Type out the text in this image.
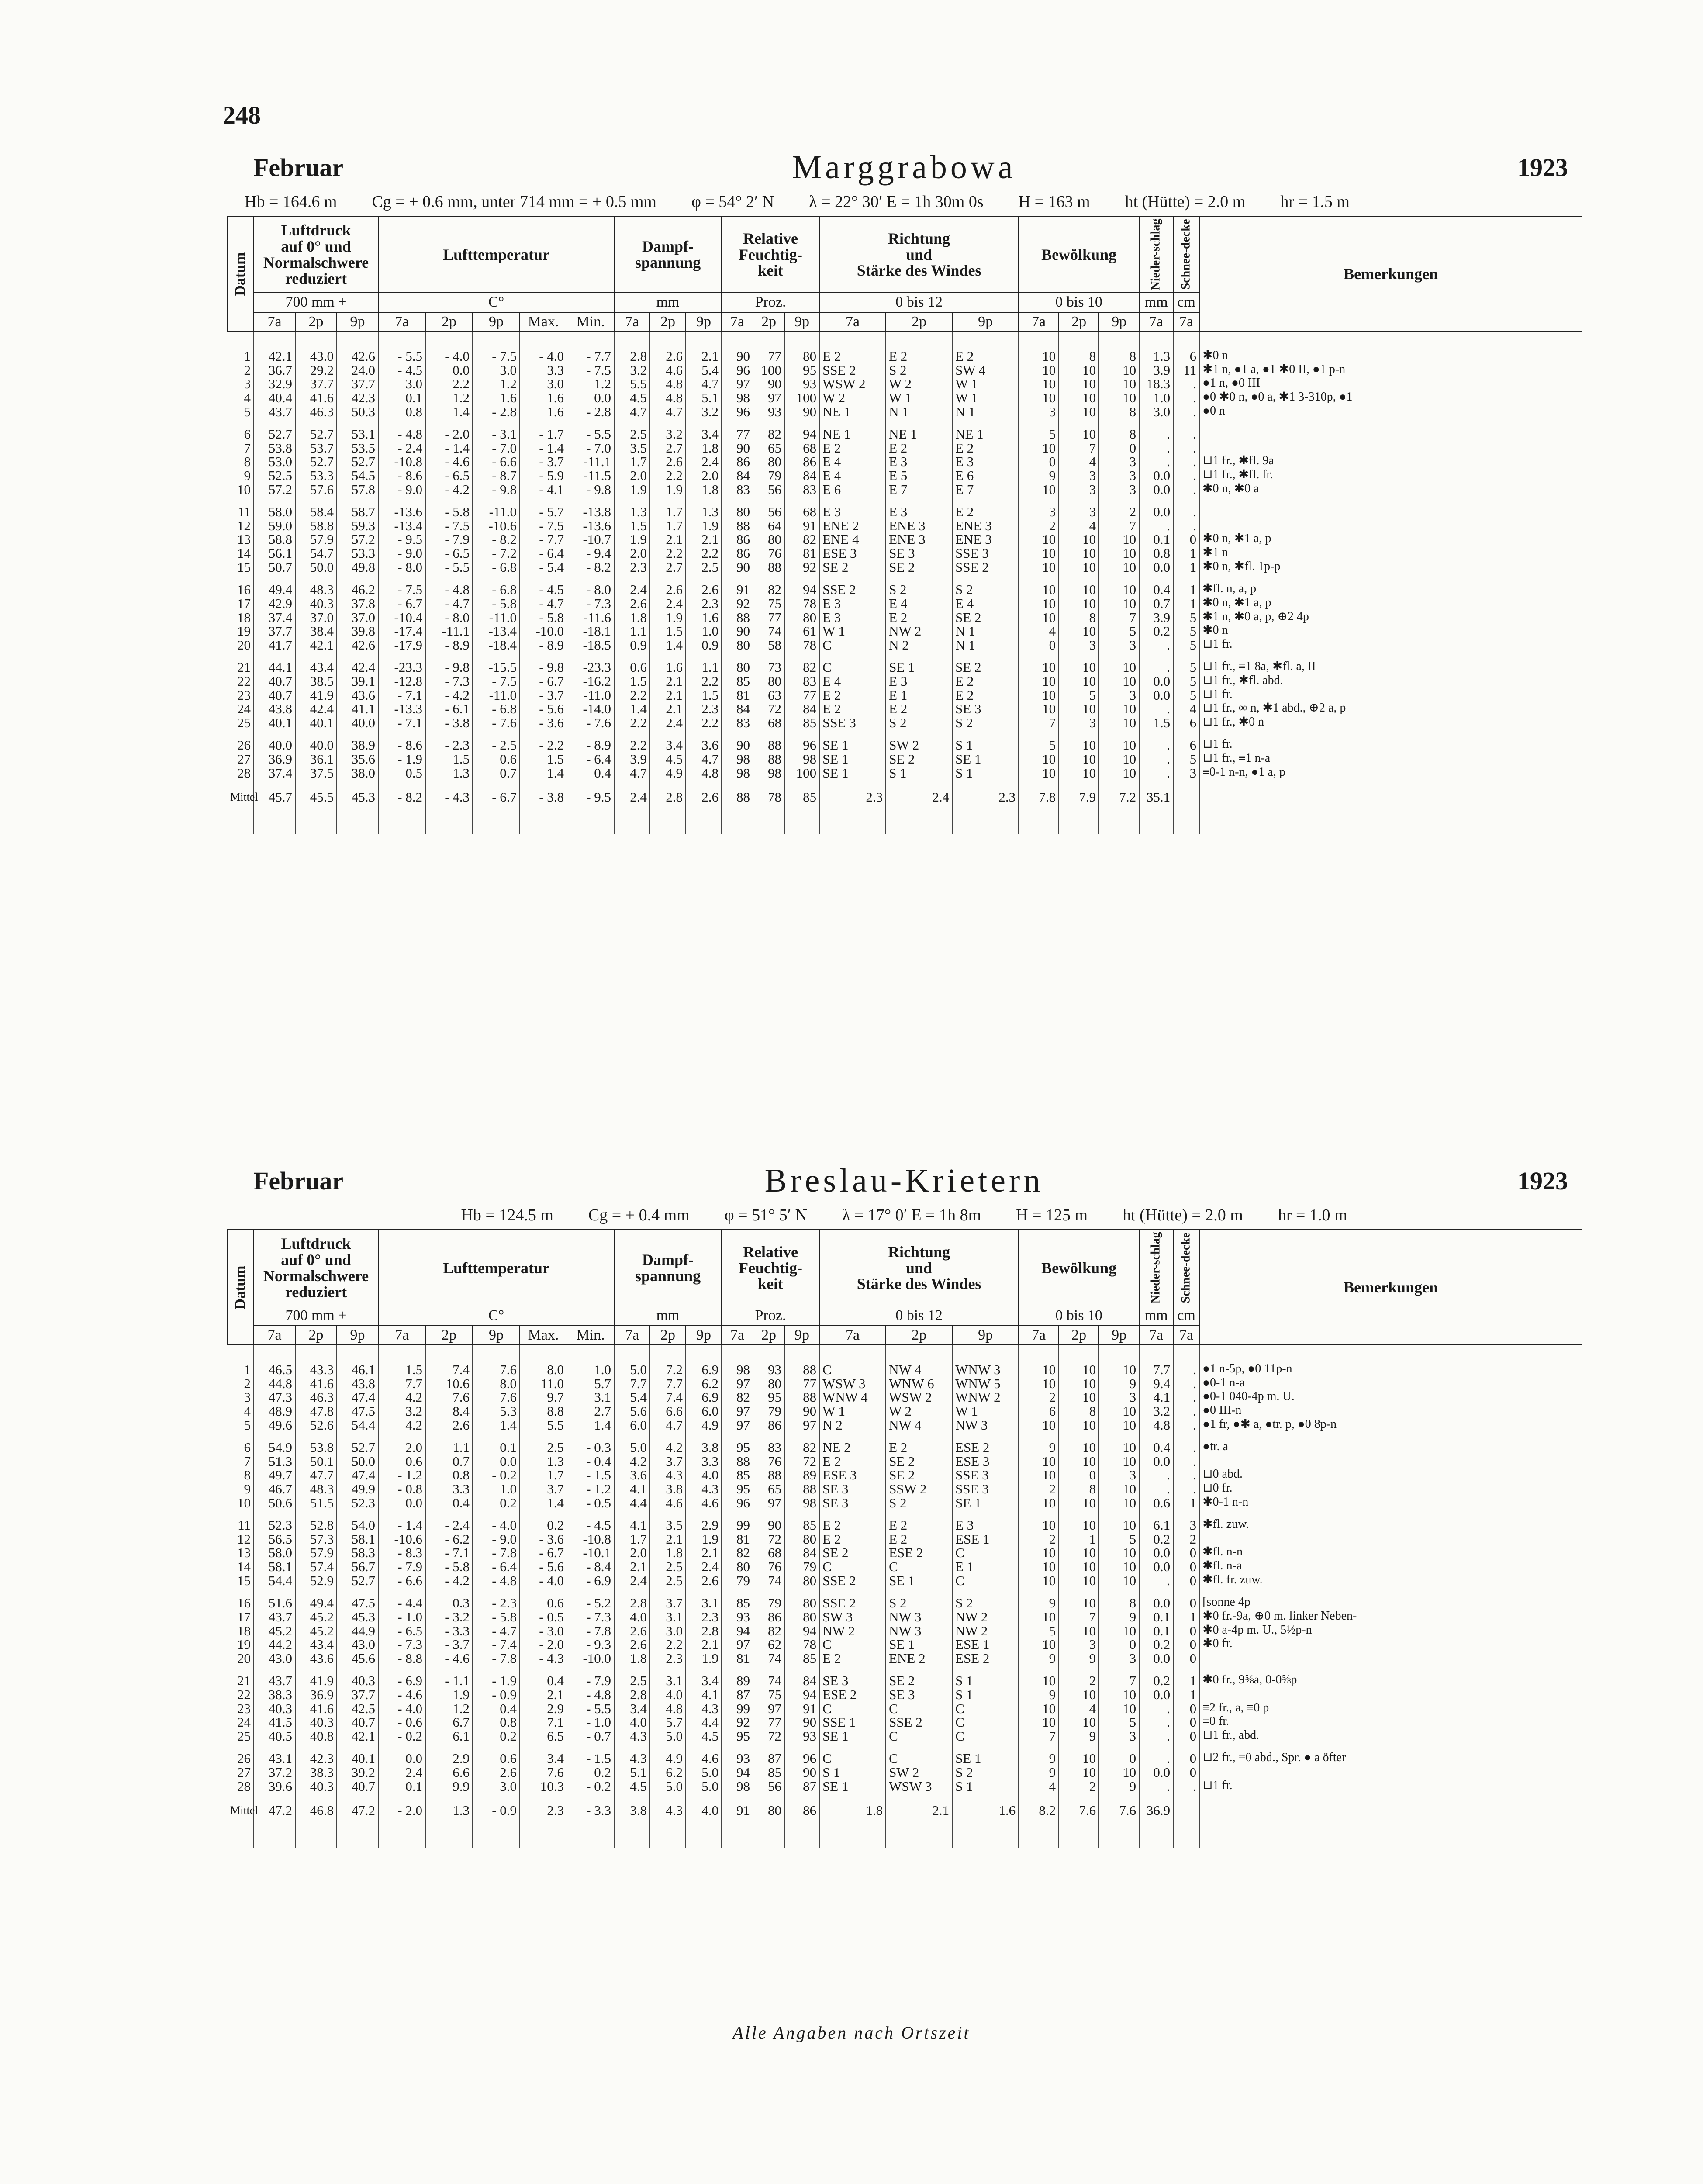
248
Februar	Marggrabowa	1923
Hb = 164.6 m Cg = + 0.6 mm, unter 714 mm = + 0.5 mm φ = 54° 2′ N λ = 22° 30′ E = 1h 30m 0s H = 163 m ht (Hütte) = 2.0 m hr = 1.5 m
Datum	Luftdruck
auf 0° und
Normalschwere
reduziert			Lufttemperatur					Dampf-
spannung			Relative
Feuchtig-
keit			Richtung
und
Stärke des Windes			Bewölkung			Nieder-schlag	Schnee-decke	Bemerkungen
	700 mm +			C°					mm			Proz.			0 bis 12			0 bis 10			mm	cm	
	7a	2p	9p	7a	2p	9p	Max.	Min.	7a	2p	9p	7a	2p	9p	7a	2p	9p	7a	2p	9p	7a	7a	

1	42.1	43.0	42.6	- 5.5	- 4.0	- 7.5	- 4.0	- 7.7	2.8	2.6	2.1	90	77	80	E 2	E 2	E 2	10	8	8	1.3	6	✱0 n
2	36.7	29.2	24.0	- 4.5	0.0	3.0	3.3	- 7.5	3.2	4.6	5.4	96	100	95	SSE 2	S 2	SW 4	10	10	10	3.9	11	✱1 n, ●1 a, ●1 ✱0 II, ●1 p-n
3	32.9	37.7	37.7	3.0	2.2	1.2	3.0	1.2	5.5	4.8	4.7	97	90	93	WSW 2	W 2	W 1	10	10	10	18.3	.	●1 n, ●0 III
4	40.4	41.6	42.3	0.1	1.2	1.6	1.6	0.0	4.5	4.8	5.1	98	97	100	W 2	W 1	W 1	10	10	10	1.0	.	●0 ✱0 n, ●0 a, ✱1 3-310p, ●1
5	43.7	46.3	50.3	0.8	1.4	- 2.8	1.6	- 2.8	4.7	4.7	3.2	96	93	90	NE 1	N 1	N 1	3	10	8	3.0	.	●0 n

6	52.7	52.7	53.1	- 4.8	- 2.0	- 3.1	- 1.7	- 5.5	2.5	3.2	3.4	77	82	94	NE 1	NE 1	NE 1	5	10	8	.	.	
7	53.8	53.7	53.5	- 2.4	- 1.4	- 7.0	- 1.4	- 7.0	3.5	2.7	1.8	90	65	68	E 2	E 2	E 2	10	7	0	.	.	
8	53.0	52.7	52.7	-10.8	- 4.6	- 6.6	- 3.7	-11.1	1.7	2.6	2.4	86	80	86	E 4	E 3	E 3	0	4	3	.	.	⊔1 fr., ✱fl. 9a
9	52.5	53.3	54.5	- 8.6	- 6.5	- 8.7	- 5.9	-11.5	2.0	2.2	2.0	84	79	84	E 4	E 5	E 6	9	3	3	0.0	.	⊔1 fr., ✱fl. fr.
10	57.2	57.6	57.8	- 9.0	- 4.2	- 9.8	- 4.1	- 9.8	1.9	1.9	1.8	83	56	83	E 6	E 7	E 7	10	3	3	0.0	.	✱0 n, ✱0 a

11	58.0	58.4	58.7	-13.6	- 5.8	-11.0	- 5.7	-13.8	1.3	1.7	1.3	80	56	68	E 3	E 3	E 2	3	3	2	0.0	.	
12	59.0	58.8	59.3	-13.4	- 7.5	-10.6	- 7.5	-13.6	1.5	1.7	1.9	88	64	91	ENE 2	ENE 3	ENE 3	2	4	7	.	.	
13	58.8	57.9	57.2	- 9.5	- 7.9	- 8.2	- 7.7	-10.7	1.9	2.1	2.1	86	80	82	ENE 4	ENE 3	ENE 3	10	10	10	0.1	0	✱0 n, ✱1 a, p
14	56.1	54.7	53.3	- 9.0	- 6.5	- 7.2	- 6.4	- 9.4	2.0	2.2	2.2	86	76	81	ESE 3	SE 3	SSE 3	10	10	10	0.8	1	✱1 n
15	50.7	50.0	49.8	- 8.0	- 5.5	- 6.8	- 5.4	- 8.2	2.3	2.7	2.5	90	88	92	SE 2	SE 2	SSE 2	10	10	10	0.0	1	✱0 n, ✱fl. 1p-p

16	49.4	48.3	46.2	- 7.5	- 4.8	- 6.8	- 4.5	- 8.0	2.4	2.6	2.6	91	82	94	SSE 2	S 2	S 2	10	10	10	0.4	1	✱fl. n, a, p
17	42.9	40.3	37.8	- 6.7	- 4.7	- 5.8	- 4.7	- 7.3	2.6	2.4	2.3	92	75	78	E 3	E 4	E 4	10	10	10	0.7	1	✱0 n, ✱1 a, p
18	37.4	37.0	37.0	-10.4	- 8.0	-11.0	- 5.8	-11.6	1.8	1.9	1.6	88	77	80	E 3	E 2	SE 2	10	8	7	3.9	5	✱1 n, ✱0 a, p, ⊕2 4p
19	37.7	38.4	39.8	-17.4	-11.1	-13.4	-10.0	-18.1	1.1	1.5	1.0	90	74	61	W 1	NW 2	N 1	4	10	5	0.2	5	✱0 n
20	41.7	42.1	42.6	-17.9	- 8.9	-18.4	- 8.9	-18.5	0.9	1.4	0.9	80	58	78	C	N 2	N 1	0	3	3	.	5	⊔1 fr.

21	44.1	43.4	42.4	-23.3	- 9.8	-15.5	- 9.8	-23.3	0.6	1.6	1.1	80	73	82	C	SE 1	SE 2	10	10	10	.	5	⊔1 fr., ≡1 8a, ✱fl. a, II
22	40.7	38.5	39.1	-12.8	- 7.3	- 7.5	- 6.7	-16.2	1.5	2.1	2.2	85	80	83	E 4	E 3	E 2	10	10	10	0.0	5	⊔1 fr., ✱fl. abd.
23	40.7	41.9	43.6	- 7.1	- 4.2	-11.0	- 3.7	-11.0	2.2	2.1	1.5	81	63	77	E 2	E 1	E 2	10	5	3	0.0	5	⊔1 fr.
24	43.8	42.4	41.1	-13.3	- 6.1	- 6.8	- 5.6	-14.0	1.4	2.1	2.3	84	72	84	E 2	E 2	SE 3	10	10	10	.	4	⊔1 fr., ∞ n, ✱1 abd., ⊕2 a, p
25	40.1	40.1	40.0	- 7.1	- 3.8	- 7.6	- 3.6	- 7.6	2.2	2.4	2.2	83	68	85	SSE 3	S 2	S 2	7	3	10	1.5	6	⊔1 fr., ✱0 n

26	40.0	40.0	38.9	- 8.6	- 2.3	- 2.5	- 2.2	- 8.9	2.2	3.4	3.6	90	88	96	SE 1	SW 2	S 1	5	10	10	.	6	⊔1 fr.
27	36.9	36.1	35.6	- 1.9	1.5	0.6	1.5	- 6.4	3.9	4.5	4.7	98	88	98	SE 1	SE 2	SE 1	10	10	10	.	5	⊔1 fr., ≡1 n-a
28	37.4	37.5	38.0	0.5	1.3	0.7	1.4	0.4	4.7	4.9	4.8	98	98	100	SE 1	S 1	S 1	10	10	10	.	3	≡0-1 n-n, ●1 a, p
Mittel	45.7	45.5	45.3	- 8.2	- 4.3	- 6.7	- 3.8	- 9.5	2.4	2.8	2.6	88	78	85	2.3	2.4	2.3	7.8	7.9	7.2	35.1		

Februar	Breslau-Krietern	1923
Hb = 124.5 m Cg = + 0.4 mm φ = 51° 5′ N λ = 17° 0′ E = 1h 8m H = 125 m ht (Hütte) = 2.0 m hr = 1.0 m
Datum	Luftdruck
auf 0° und
Normalschwere
reduziert			Lufttemperatur					Dampf-
spannung			Relative
Feuchtig-
keit			Richtung
und
Stärke des Windes			Bewölkung			Nieder-schlag	Schnee-decke	Bemerkungen
	700 mm +			C°					mm			Proz.			0 bis 12			0 bis 10			mm	cm	
	7a	2p	9p	7a	2p	9p	Max.	Min.	7a	2p	9p	7a	2p	9p	7a	2p	9p	7a	2p	9p	7a	7a	

1	46.5	43.3	46.1	1.5	7.4	7.6	8.0	1.0	5.0	7.2	6.9	98	93	88	C	NW 4	WNW 3	10	10	10	7.7	.	●1 n-5p, ●0 11p-n
2	44.8	41.6	43.8	7.7	10.6	8.0	11.0	5.7	7.7	7.7	6.2	97	80	77	WSW 3	WNW 6	WNW 5	10	10	9	9.4	.	●0-1 n-a
3	47.3	46.3	47.4	4.2	7.6	7.6	9.7	3.1	5.4	7.4	6.9	82	95	88	WNW 4	WSW 2	WNW 2	2	10	3	4.1	.	●0-1 040-4p m. U.
4	48.9	47.8	47.5	3.2	8.4	5.3	8.8	2.7	5.6	6.6	6.0	97	79	90	W 1	W 2	W 1	6	8	10	3.2	.	●0 III-n
5	49.6	52.6	54.4	4.2	2.6	1.4	5.5	1.4	6.0	4.7	4.9	97	86	97	N 2	NW 4	NW 3	10	10	10	4.8	.	●1 fr, ●✱ a, ●tr. p, ●0 8p-n

6	54.9	53.8	52.7	2.0	1.1	0.1	2.5	- 0.3	5.0	4.2	3.8	95	83	82	NE 2	E 2	ESE 2	9	10	10	0.4	.	●tr. a
7	51.3	50.1	50.0	0.6	0.7	0.0	1.3	- 0.4	4.2	3.7	3.3	88	76	72	E 2	SE 2	ESE 3	10	10	10	0.0	.	
8	49.7	47.7	47.4	- 1.2	0.8	- 0.2	1.7	- 1.5	3.6	4.3	4.0	85	88	89	ESE 3	SE 2	SSE 3	10	0	3	.	.	⊔0 abd.
9	46.7	48.3	49.9	- 0.8	3.3	1.0	3.7	- 1.2	4.1	3.8	4.3	95	65	88	SE 3	SSW 2	SSE 3	2	8	10	.	.	⊔0 fr.
10	50.6	51.5	52.3	0.0	0.4	0.2	1.4	- 0.5	4.4	4.6	4.6	96	97	98	SE 3	S 2	SE 1	10	10	10	0.6	1	✱0-1 n-n

11	52.3	52.8	54.0	- 1.4	- 2.4	- 4.0	0.2	- 4.5	4.1	3.5	2.9	99	90	85	E 2	E 2	E 3	10	10	10	6.1	3	✱fl. zuw.
12	56.5	57.3	58.1	-10.6	- 6.2	- 9.0	- 3.6	-10.8	1.7	2.1	1.9	81	72	80	E 2	E 2	ESE 1	2	1	5	0.2	2	
13	58.0	57.9	58.3	- 8.3	- 7.1	- 7.8	- 6.7	-10.1	2.0	1.8	2.1	82	68	84	SE 2	ESE 2	C	10	10	10	0.0	0	✱fl. n-n
14	58.1	57.4	56.7	- 7.9	- 5.8	- 6.4	- 5.6	- 8.4	2.1	2.5	2.4	80	76	79	C	C	E 1	10	10	10	0.0	0	✱fl. n-a
15	54.4	52.9	52.7	- 6.6	- 4.2	- 4.8	- 4.0	- 6.9	2.4	2.5	2.6	79	74	80	SSE 2	SE 1	C	10	10	10	.	0	✱fl. fr. zuw.

16	51.6	49.4	47.5	- 4.4	0.3	- 2.3	0.6	- 5.2	2.8	3.7	3.1	85	79	80	SSE 2	S 2	S 2	9	10	8	0.0	0	[sonne 4p
17	43.7	45.2	45.3	- 1.0	- 3.2	- 5.8	- 0.5	- 7.3	4.0	3.1	2.3	93	86	80	SW 3	NW 3	NW 2	10	7	9	0.1	1	✱0 fr.-9a, ⊕0 m. linker Neben-
18	45.2	45.2	44.9	- 6.5	- 3.3	- 4.7	- 3.0	- 7.8	2.6	3.0	2.8	94	82	94	NW 2	NW 3	NW 2	5	10	10	0.1	0	✱0 a-4p m. U., 5½p-n
19	44.2	43.4	43.0	- 7.3	- 3.7	- 7.4	- 2.0	- 9.3	2.6	2.2	2.1	97	62	78	C	SE 1	ESE 1	10	3	0	0.2	0	✱0 fr.
20	43.0	43.6	45.6	- 8.8	- 4.6	- 7.8	- 4.3	-10.0	1.8	2.3	1.9	81	74	85	E 2	ENE 2	ESE 2	9	9	3	0.0	0	

21	43.7	41.9	40.3	- 6.9	- 1.1	- 1.9	0.4	- 7.9	2.5	3.1	3.4	89	74	84	SE 3	SE 2	S 1	10	2	7	0.2	1	✱0 fr., 9⅝a, 0-0⅝p
22	38.3	36.9	37.7	- 4.6	1.9	- 0.9	2.1	- 4.8	2.8	4.0	4.1	87	75	94	ESE 2	SE 3	S 1	9	10	10	0.0	1	
23	40.3	41.6	42.5	- 4.0	1.2	0.4	2.9	- 5.5	3.4	4.8	4.3	99	97	91	C	C	C	10	4	10	.	0	≡2 fr., a, ≡0 p
24	41.5	40.3	40.7	- 0.6	6.7	0.8	7.1	- 1.0	4.0	5.7	4.4	92	77	90	SSE 1	SSE 2	C	10	10	5	.	0	≡0 fr.
25	40.5	40.8	42.1	- 0.2	6.1	0.2	6.5	- 0.7	4.3	5.0	4.5	95	72	93	SE 1	C	C	7	9	3	.	0	⊔1 fr., abd.

26	43.1	42.3	40.1	0.0	2.9	0.6	3.4	- 1.5	4.3	4.9	4.6	93	87	96	C	C	SE 1	9	10	0	.	0	⊔2 fr., ≡0 abd., Spr. ● a öfter
27	37.2	38.3	39.2	2.4	6.6	2.6	7.6	0.2	5.1	6.2	5.0	94	85	90	S 1	SW 2	S 2	9	10	10	0.0	0	
28	39.6	40.3	40.7	0.1	9.9	3.0	10.3	- 0.2	4.5	5.0	5.0	98	56	87	SE 1	WSW 3	S 1	4	2	9	.	.	⊔1 fr.
Mittel	47.2	46.8	47.2	- 2.0	1.3	- 0.9	2.3	- 3.3	3.8	4.3	4.0	91	80	86	1.8	2.1	1.6	8.2	7.6	7.6	36.9		

Alle Angaben nach Ortszeit
